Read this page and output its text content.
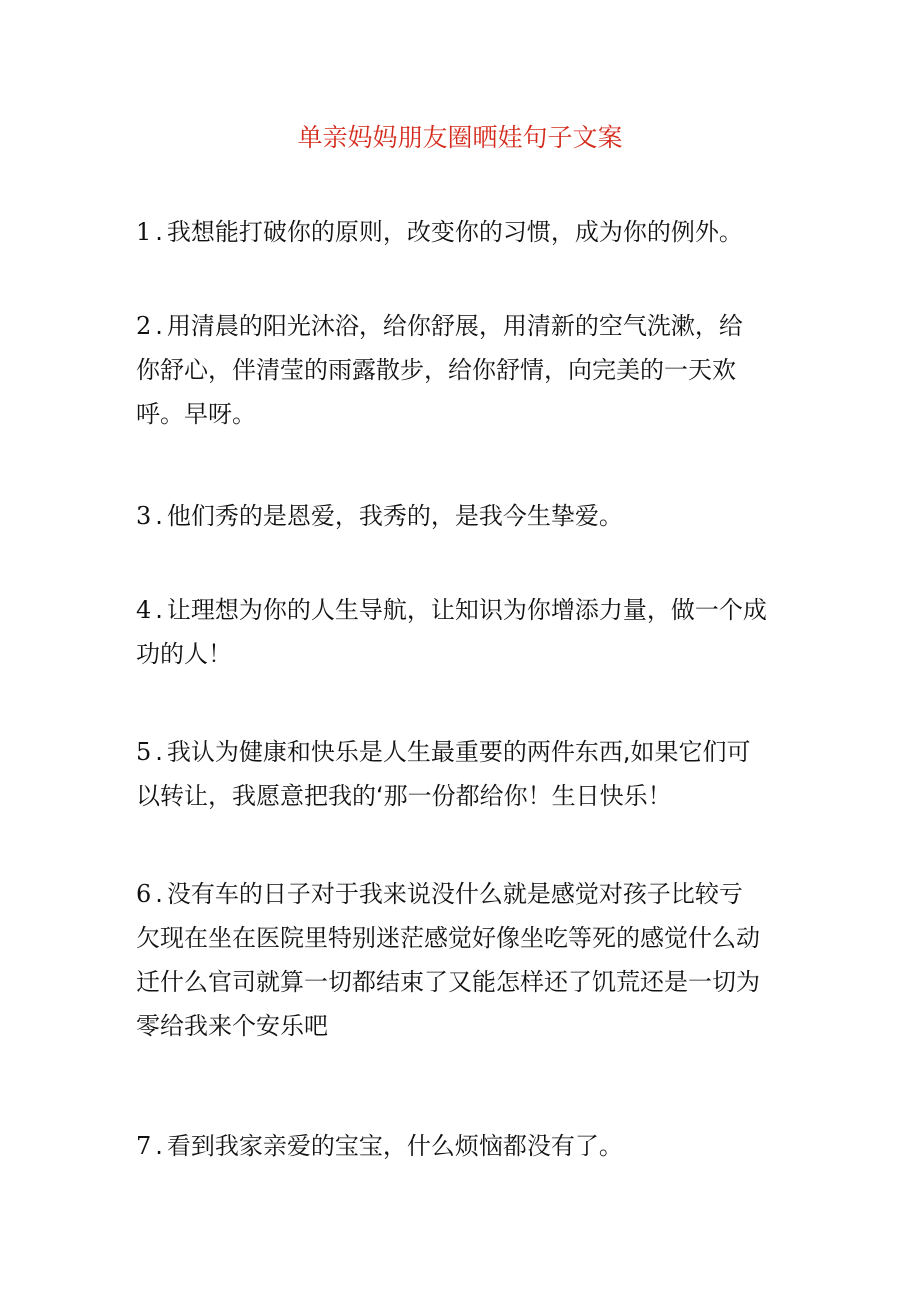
单亲妈妈朋友圈晒娃句子文案

1 . 我想能打破你的原则，改变你的习惯，成为你的例外。

2 . 用清晨的阳光沐浴，给你舒展，用清新的空气洗漱，给
你舒心，伴清莹的雨露散步，给你舒情，向完美的一天欢
呼。早呀。

3 . 他们秀的是恩爱，我秀的，是我今生挚爱。

4 . 让理想为你的人生导航，让知识为你增添力量，做一个成
功的人！

5 . 我认为健康和快乐是人生最重要的两件东西,如果它们可
以转让，我愿意把我的‘那一份都给你！生日快乐！

6 . 没有车的日子对于我来说没什么就是感觉对孩子比较亏
欠现在坐在医院里特别迷茫感觉好像坐吃等死的感觉什么动
迁什么官司就算一切都结束了又能怎样还了饥荒还是一切为
零给我来个安乐吧

7 . 看到我家亲爱的宝宝，什么烦恼都没有了。
